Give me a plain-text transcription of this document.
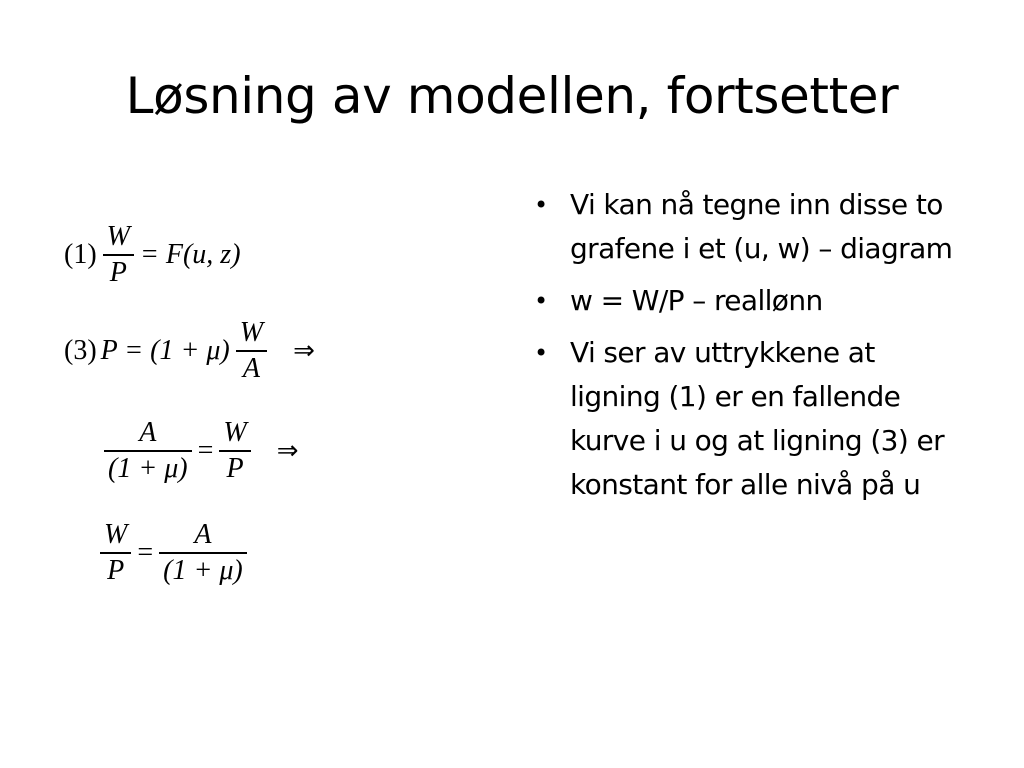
Løsning av modellen, fortsetter
$(1) \frac{W}{P} = F(u$, z)
(3) $P = (1 + \mu) \frac{W}{A}$ ⇒
$\frac{A}{(1 + \mu)} = \frac{W}{P}$ ⇒
$\frac{W}{P} = \frac{A}{(1 + \mu)}$
• Vi kan nå tegne inn disse to grafene i et (u, w) – diagram
• w = W/P – reallønn
• Vi ser av uttrykkene at ligning (1) er en fallende kurve i u og at ligning (3) er konstant for alle nivå på u
